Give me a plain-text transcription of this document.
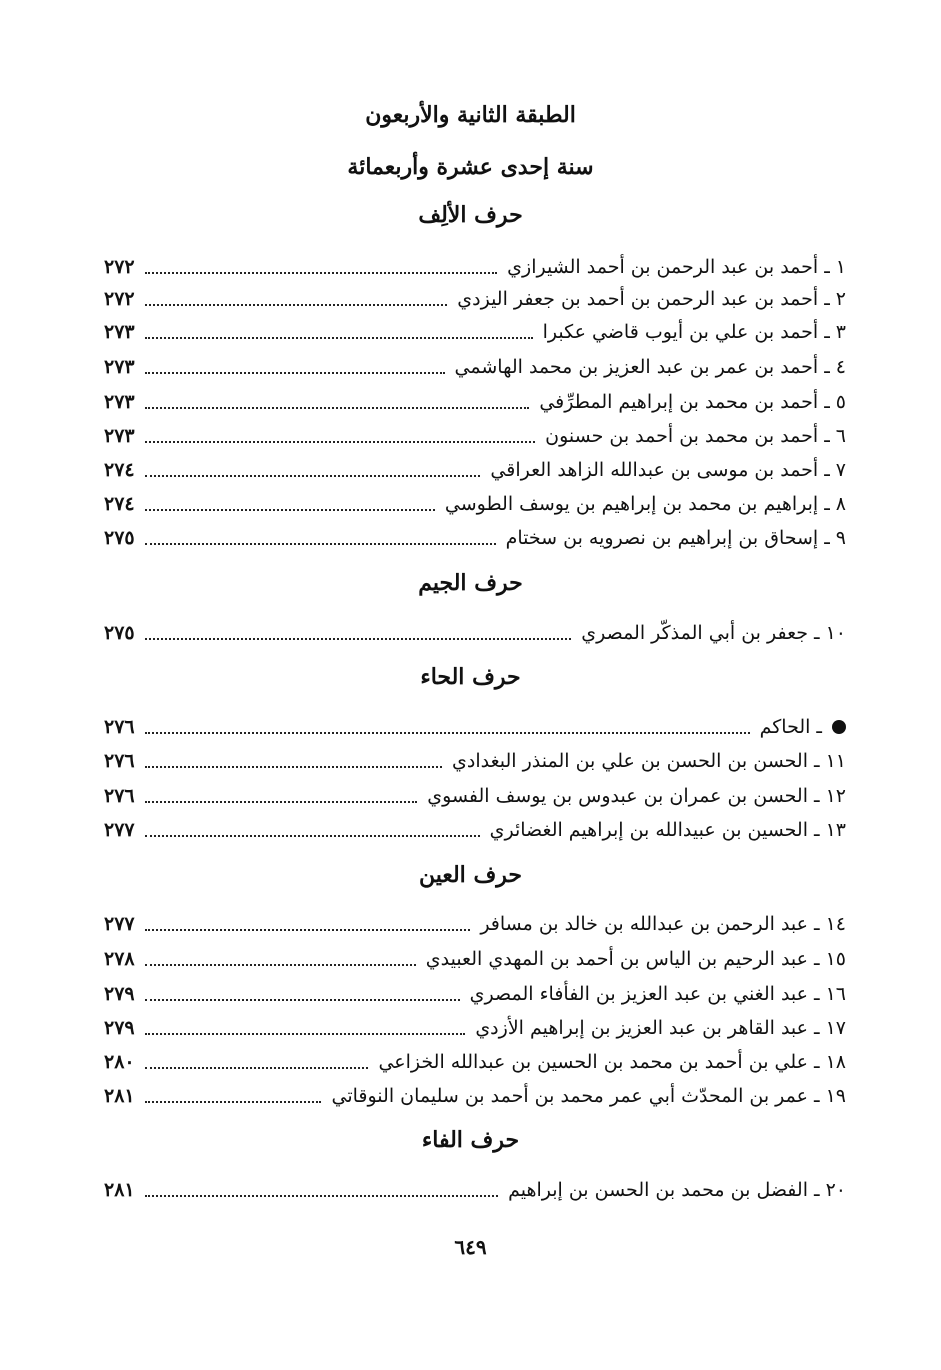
الطبقة الثانية والأربعون
سنة إحدى عشرة وأربعمائة
حرف الألِف
١
ـ
أحمد بن عبد الرحمن بن أحمد الشيرازي
٢٧٢
٢
ـ
أحمد بن عبد الرحمن بن أحمد بن جعفر اليزدي
٢٧٢
٣
ـ
أحمد بن علي بن أيوب قاضي عكبرا
٢٧٣
٤
ـ
أحمد بن عمر بن عبد العزيز بن محمد الهاشمي
٢٧٣
٥
ـ
أحمد بن محمد بن إبراهيم المطرِّفي
٢٧٣
٦
ـ
أحمد بن محمد بن أحمد بن حسنون
٢٧٣
٧
ـ
أحمد بن موسى بن عبدالله الزاهد العراقي
٢٧٤
٨
ـ
إبراهيم بن محمد بن إبراهيم بن يوسف الطوسي
٢٧٤
٩
ـ
إسحاق بن إبراهيم بن نصرويه بن سختام
٢٧٥
حرف الجيم
١٠
ـ
جعفر بن أبي المذكّر المصري
٢٧٥
حرف الحاء
ـ
الحاكم
٢٧٦
١١
ـ
الحسن بن الحسن بن علي بن المنذر البغدادي
٢٧٦
١٢
ـ
الحسن بن عمران بن عبدوس بن يوسف الفسوي
٢٧٦
١٣
ـ
الحسين بن عبيدالله بن إبراهيم الغضائري
٢٧٧
حرف العين
١٤
ـ
عبد الرحمن بن عبدالله بن خالد بن مسافر
٢٧٧
١٥
ـ
عبد الرحيم بن الياس بن أحمد بن المهدي العبيدي
٢٧٨
١٦
ـ
عبد الغني بن عبد العزيز بن الفأفاء المصري
٢٧٩
١٧
ـ
عبد القاهر بن عبد العزيز بن إبراهيم الأزدي
٢٧٩
١٨
ـ
علي بن أحمد بن محمد بن الحسين بن عبدالله الخزاعي
٢٨٠
١٩
ـ
عمر بن المحدّث أبي عمر محمد بن أحمد بن سليمان النوقاتي
٢٨١
حرف الفاء
٢٠
ـ
الفضل بن محمد بن الحسن بن إبراهيم
٢٨١
٦٤٩
